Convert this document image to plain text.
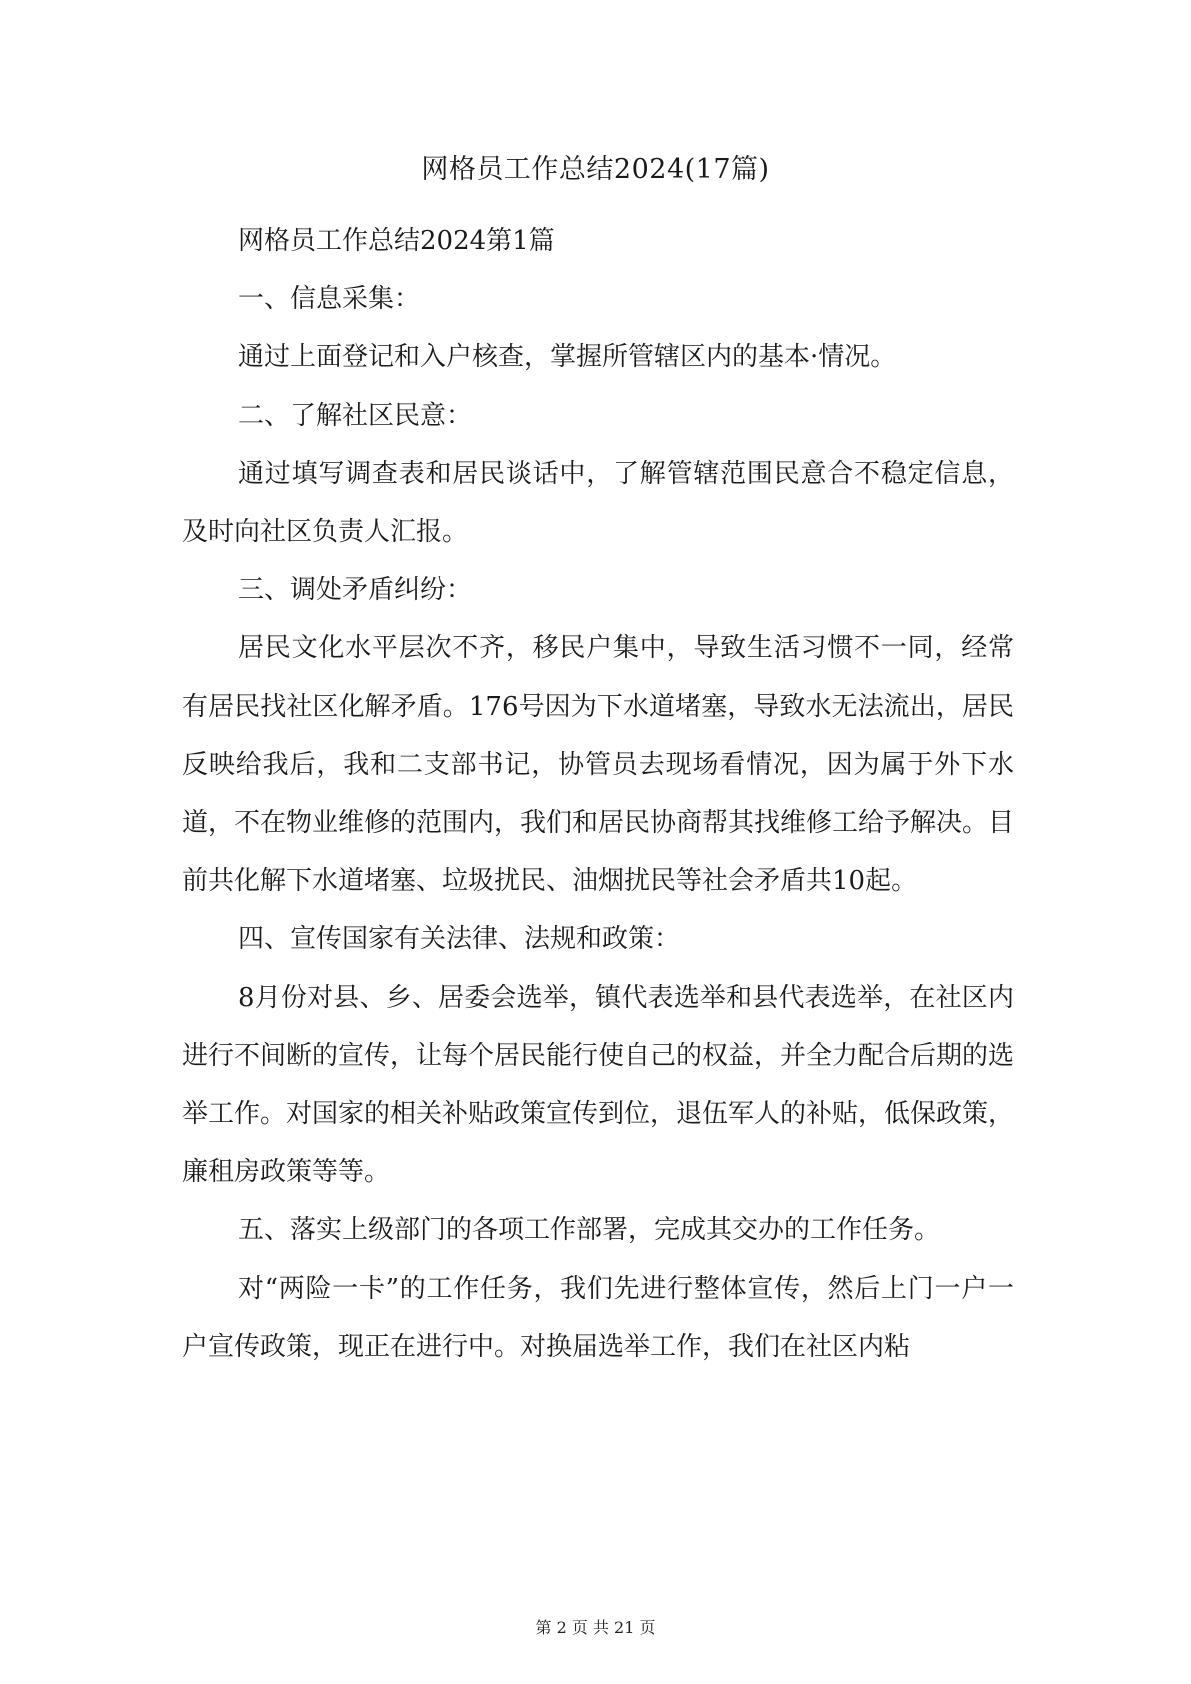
网格员工作总结2024(17篇)

网格员工作总结2024第1篇

一、信息采集：

通过上面登记和入户核查，掌握所管辖区内的基本·情况。

二、了解社区民意：

通过填写调查表和居民谈话中，了解管辖范围民意合不稳定信息，及时向社区负责人汇报。

三、调处矛盾纠纷：

居民文化水平层次不齐，移民户集中，导致生活习惯不一同，经常有居民找社区化解矛盾。176号因为下水道堵塞，导致水无法流出，居民反映给我后，我和二支部书记，协管员去现场看情况，因为属于外下水道，不在物业维修的范围内，我们和居民协商帮其找维修工给予解决。目前共化解下水道堵塞、垃圾扰民、油烟扰民等社会矛盾共10起。

四、宣传国家有关法律、法规和政策：

8月份对县、乡、居委会选举，镇代表选举和县代表选举，在社区内进行不间断的宣传，让每个居民能行使自己的权益，并全力配合后期的选举工作。对国家的相关补贴政策宣传到位，退伍军人的补贴，低保政策，廉租房政策等等。

五、落实上级部门的各项工作部署，完成其交办的工作任务。

对“两险一卡”的工作任务，我们先进行整体宣传，然后上门一户一户宣传政策，现正在进行中。对换届选举工作，我们在社区内粘

第 2 页 共 21 页
